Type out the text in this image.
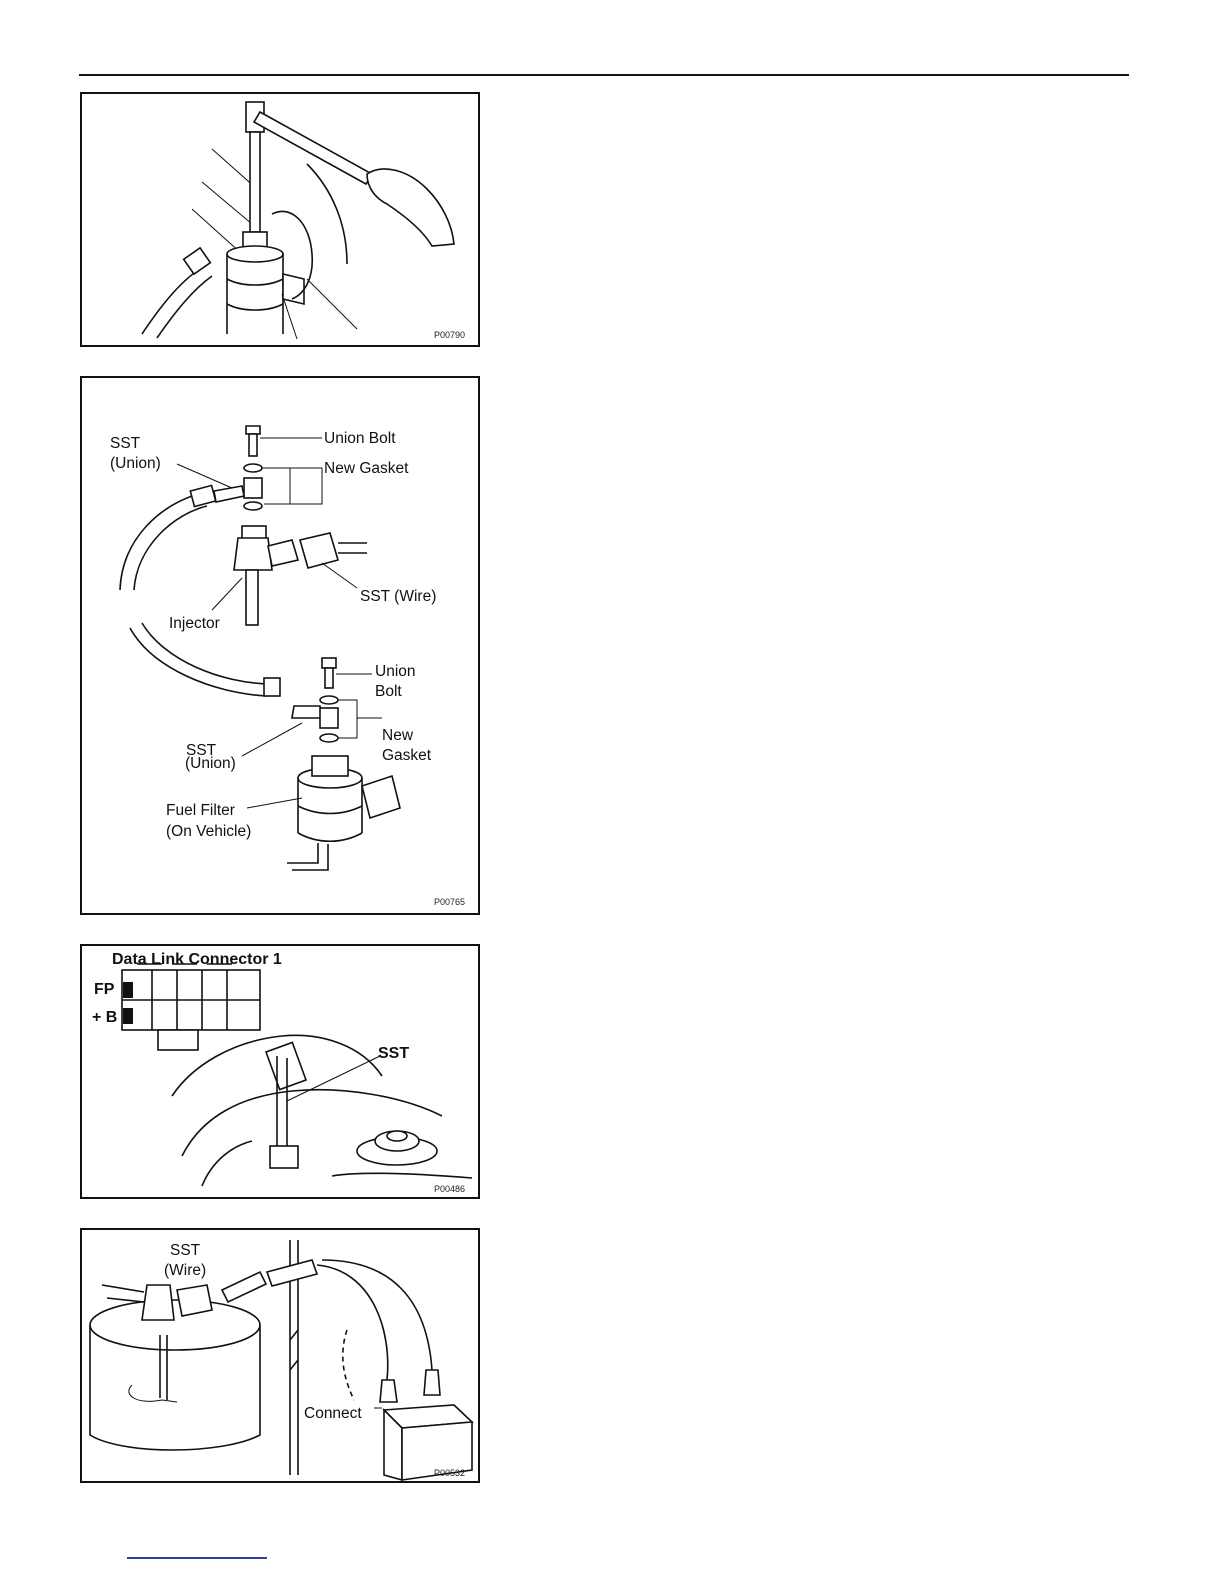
P00790
Union Bolt
New Gasket
SST
(Union)
SST (Wire)
Injector
Union
Bolt
SST
(Union)
New
Gasket
Fuel Filter
(On Vehicle)
P00765
Data Link Connector 1
FP
+ B
SST
P00486
SST
(Wire)
Connect
P00532
